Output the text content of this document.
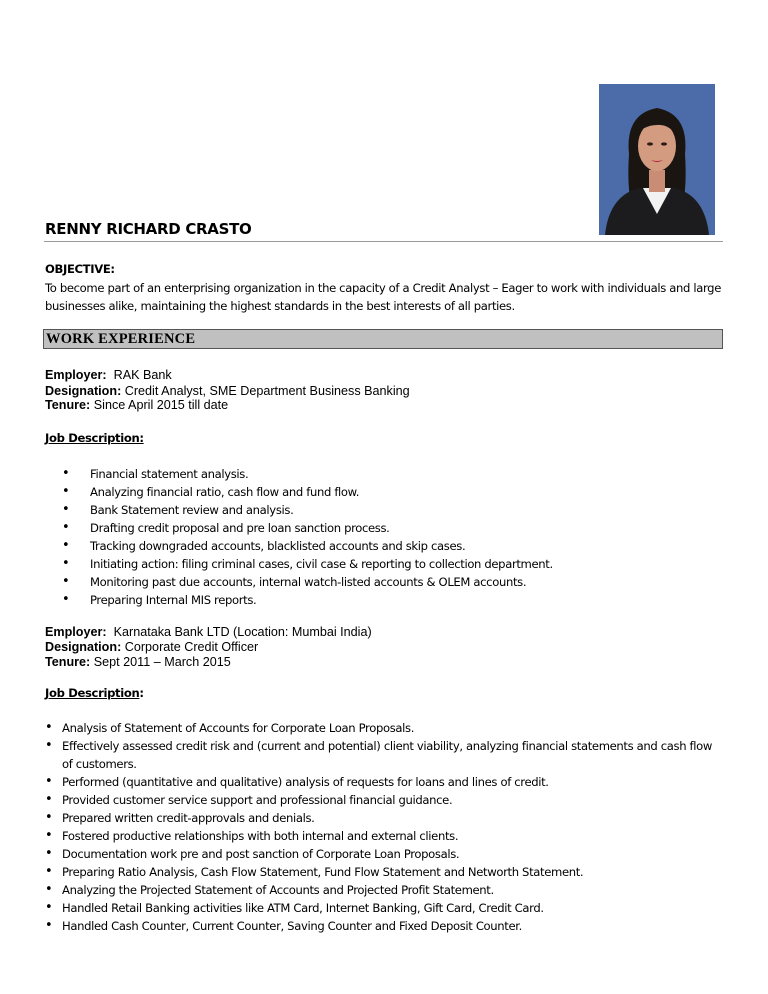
RENNY RICHARD CRASTO
OBJECTIVE:
To become part of an enterprising organization in the capacity of a Credit Analyst – Eager to work with individuals and large businesses alike, maintaining the highest standards in the best interests of all parties.
WORK EXPERIENCE
Employer: RAK Bank
Designation: Credit Analyst, SME Department Business Banking
Tenure: Since April 2015 till date
Job Description:
• Financial statement analysis.
• Analyzing financial ratio, cash flow and fund flow.
• Bank Statement review and analysis.
• Drafting credit proposal and pre loan sanction process.
• Tracking downgraded accounts, blacklisted accounts and skip cases.
• Initiating action: filing criminal cases, civil case & reporting to collection department.
• Monitoring past due accounts, internal watch-listed accounts & OLEM accounts.
• Preparing Internal MIS reports.
Employer: Karnataka Bank LTD (Location: Mumbai India)
Designation: Corporate Credit Officer
Tenure: Sept 2011 – March 2015
Job Description:
• Analysis of Statement of Accounts for Corporate Loan Proposals.
• Effectively assessed credit risk and (current and potential) client viability, analyzing financial statements and cash flow of customers.
• Performed (quantitative and qualitative) analysis of requests for loans and lines of credit.
• Provided customer service support and professional financial guidance.
• Prepared written credit-approvals and denials.
• Fostered productive relationships with both internal and external clients.
• Documentation work pre and post sanction of Corporate Loan Proposals.
• Preparing Ratio Analysis, Cash Flow Statement, Fund Flow Statement and Networth Statement.
• Analyzing the Projected Statement of Accounts and Projected Profit Statement.
• Handled Retail Banking activities like ATM Card, Internet Banking, Gift Card, Credit Card.
• Handled Cash Counter, Current Counter, Saving Counter and Fixed Deposit Counter.
